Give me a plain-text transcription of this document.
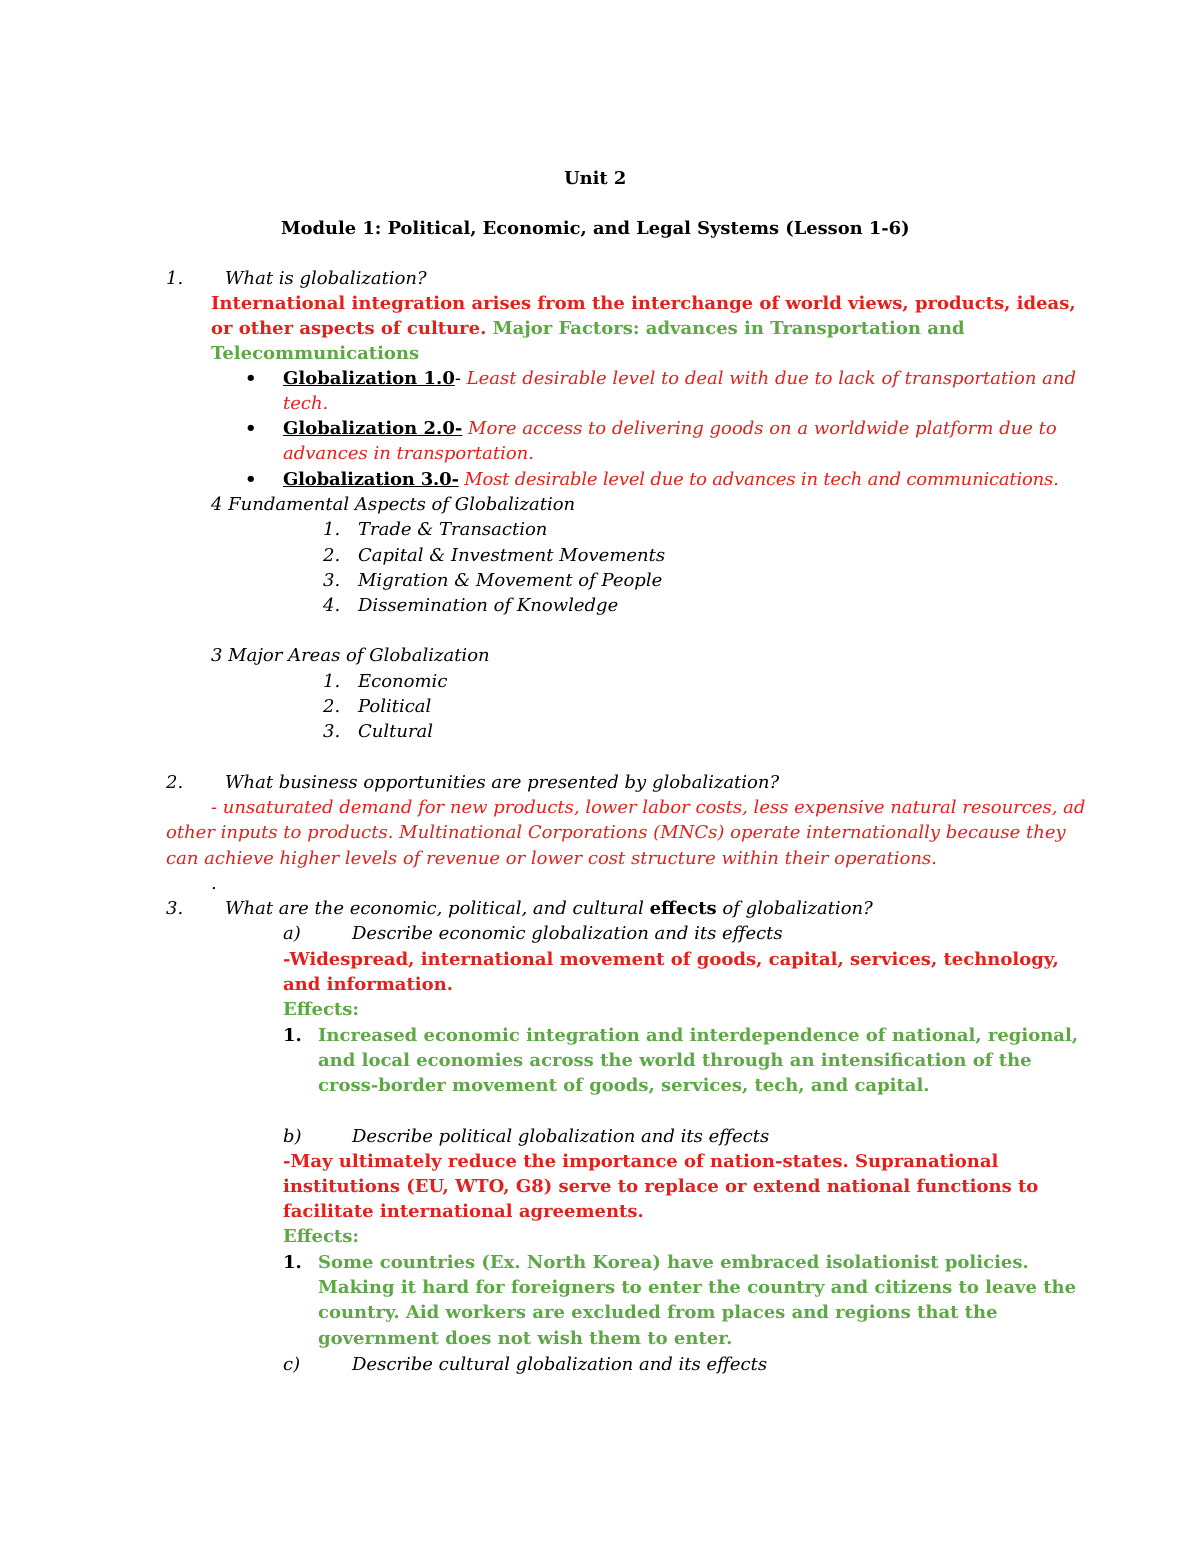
Unit 2
Module 1: Political, Economic, and Legal Systems (Lesson 1-6)
1. What is globalization?
International integration arises from the interchange of world views, products, ideas,
or other aspects of culture. Major Factors: advances in Transportation and
Telecommunications
• Globalization 1.0- Least desirable level to deal with due to lack of transportation and
tech.
• Globalization 2.0- More access to delivering goods on a worldwide platform due to
advances in transportation.
• Globalization 3.0- Most desirable level due to advances in tech and communications.
4 Fundamental Aspects of Globalization
1. Trade & Transaction
2. Capital & Investment Movements
3. Migration & Movement of People
4. Dissemination of Knowledge
3 Major Areas of Globalization
1. Economic
2. Political
3. Cultural
2. What business opportunities are presented by globalization?
- unsaturated demand for new products, lower labor costs, less expensive natural resources, ad
other inputs to products. Multinational Corporations (MNCs) operate internationally because they
can achieve higher levels of revenue or lower cost structure within their operations.
.
3. What are the economic, political, and cultural effects of globalization?
a)	Describe economic globalization and its effects
-Widespread, international movement of goods, capital, services, technology,
and information.
Effects:
1. Increased economic integration and interdependence of national, regional,
and local economies across the world through an intensification of the
cross-border movement of goods, services, tech, and capital.
b)	Describe political globalization and its effects
-May ultimately reduce the importance of nation-states. Supranational
institutions (EU, WTO, G8) serve to replace or extend national functions to
facilitate international agreements.
Effects:
1. Some countries (Ex. North Korea) have embraced isolationist policies.
Making it hard for foreigners to enter the country and citizens to leave the
country. Aid workers are excluded from places and regions that the
government does not wish them to enter.
c)	Describe cultural globalization and its effects
